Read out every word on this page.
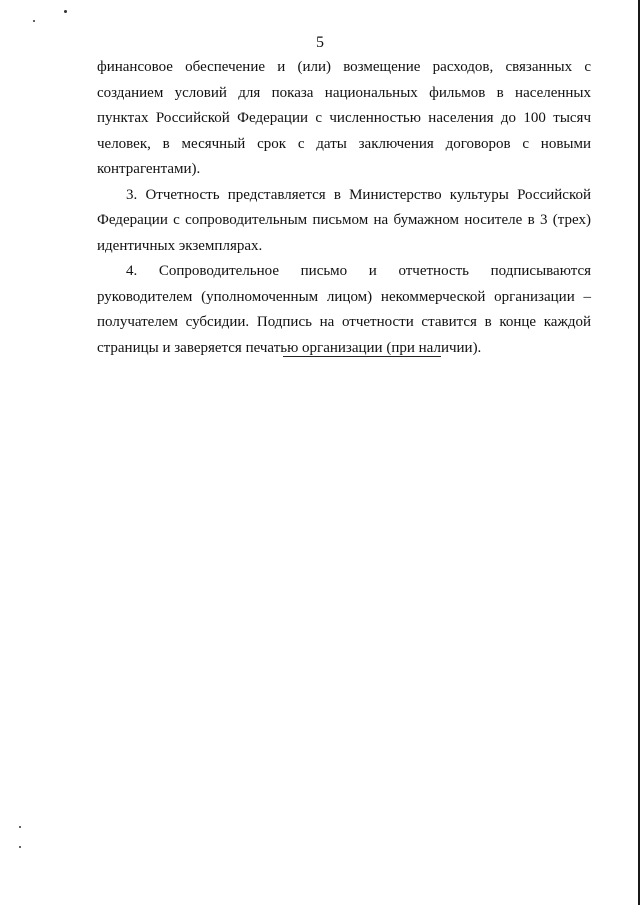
5

финансовое обеспечение и (или) возмещение расходов, связанных с созданием условий для показа национальных фильмов в населенных пунктах Российской Федерации с численностью населения до 100 тысяч человек, в месячный срок с даты заключения договоров с новыми контрагентами).

3. Отчетность представляется в Министерство культуры Российской Федерации с сопроводительным письмом на бумажном носителе в 3 (трех) идентичных экземплярах.

4. Сопроводительное письмо и отчетность подписываются руководителем (уполномоченным лицом) некоммерческой организации – получателем субсидии. Подпись на отчетности ставится в конце каждой страницы и заверяется печатью организации (при наличии).
